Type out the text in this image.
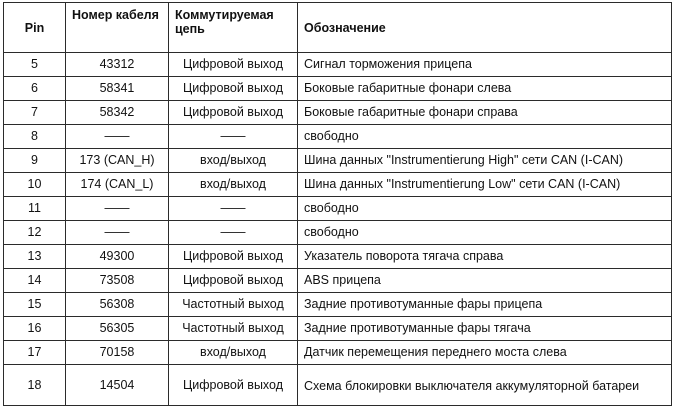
Pin	Номер кабеля	Коммутируемая цепь	Обозначение
5	43312	Цифровой выход	Сигнал торможения прицепа
6	58341	Цифровой выход	Боковые габаритные фонари слева
7	58342	Цифровой выход	Боковые габаритные фонари справа
8	——	——	свободно
9	173 (CAN_H)	вход/выход	Шина данных "Instrumentierung High" сети CAN (I-CAN)
10	174 (CAN_L)	вход/выход	Шина данных "Instrumentierung Low" сети CAN (I-CAN)
11	——	——	свободно
12	——	——	свободно
13	49300	Цифровой выход	Указатель поворота тягача справа
14	73508	Цифровой выход	ABS прицепа
15	56308	Частотный выход	Задние противотуманные фары прицепа
16	56305	Частотный выход	Задние противотуманные фары тягача
17	70158	вход/выход	Датчик перемещения переднего моста слева
18	14504	Цифровой выход	Схема блокировки выключателя аккумуляторной батареи
